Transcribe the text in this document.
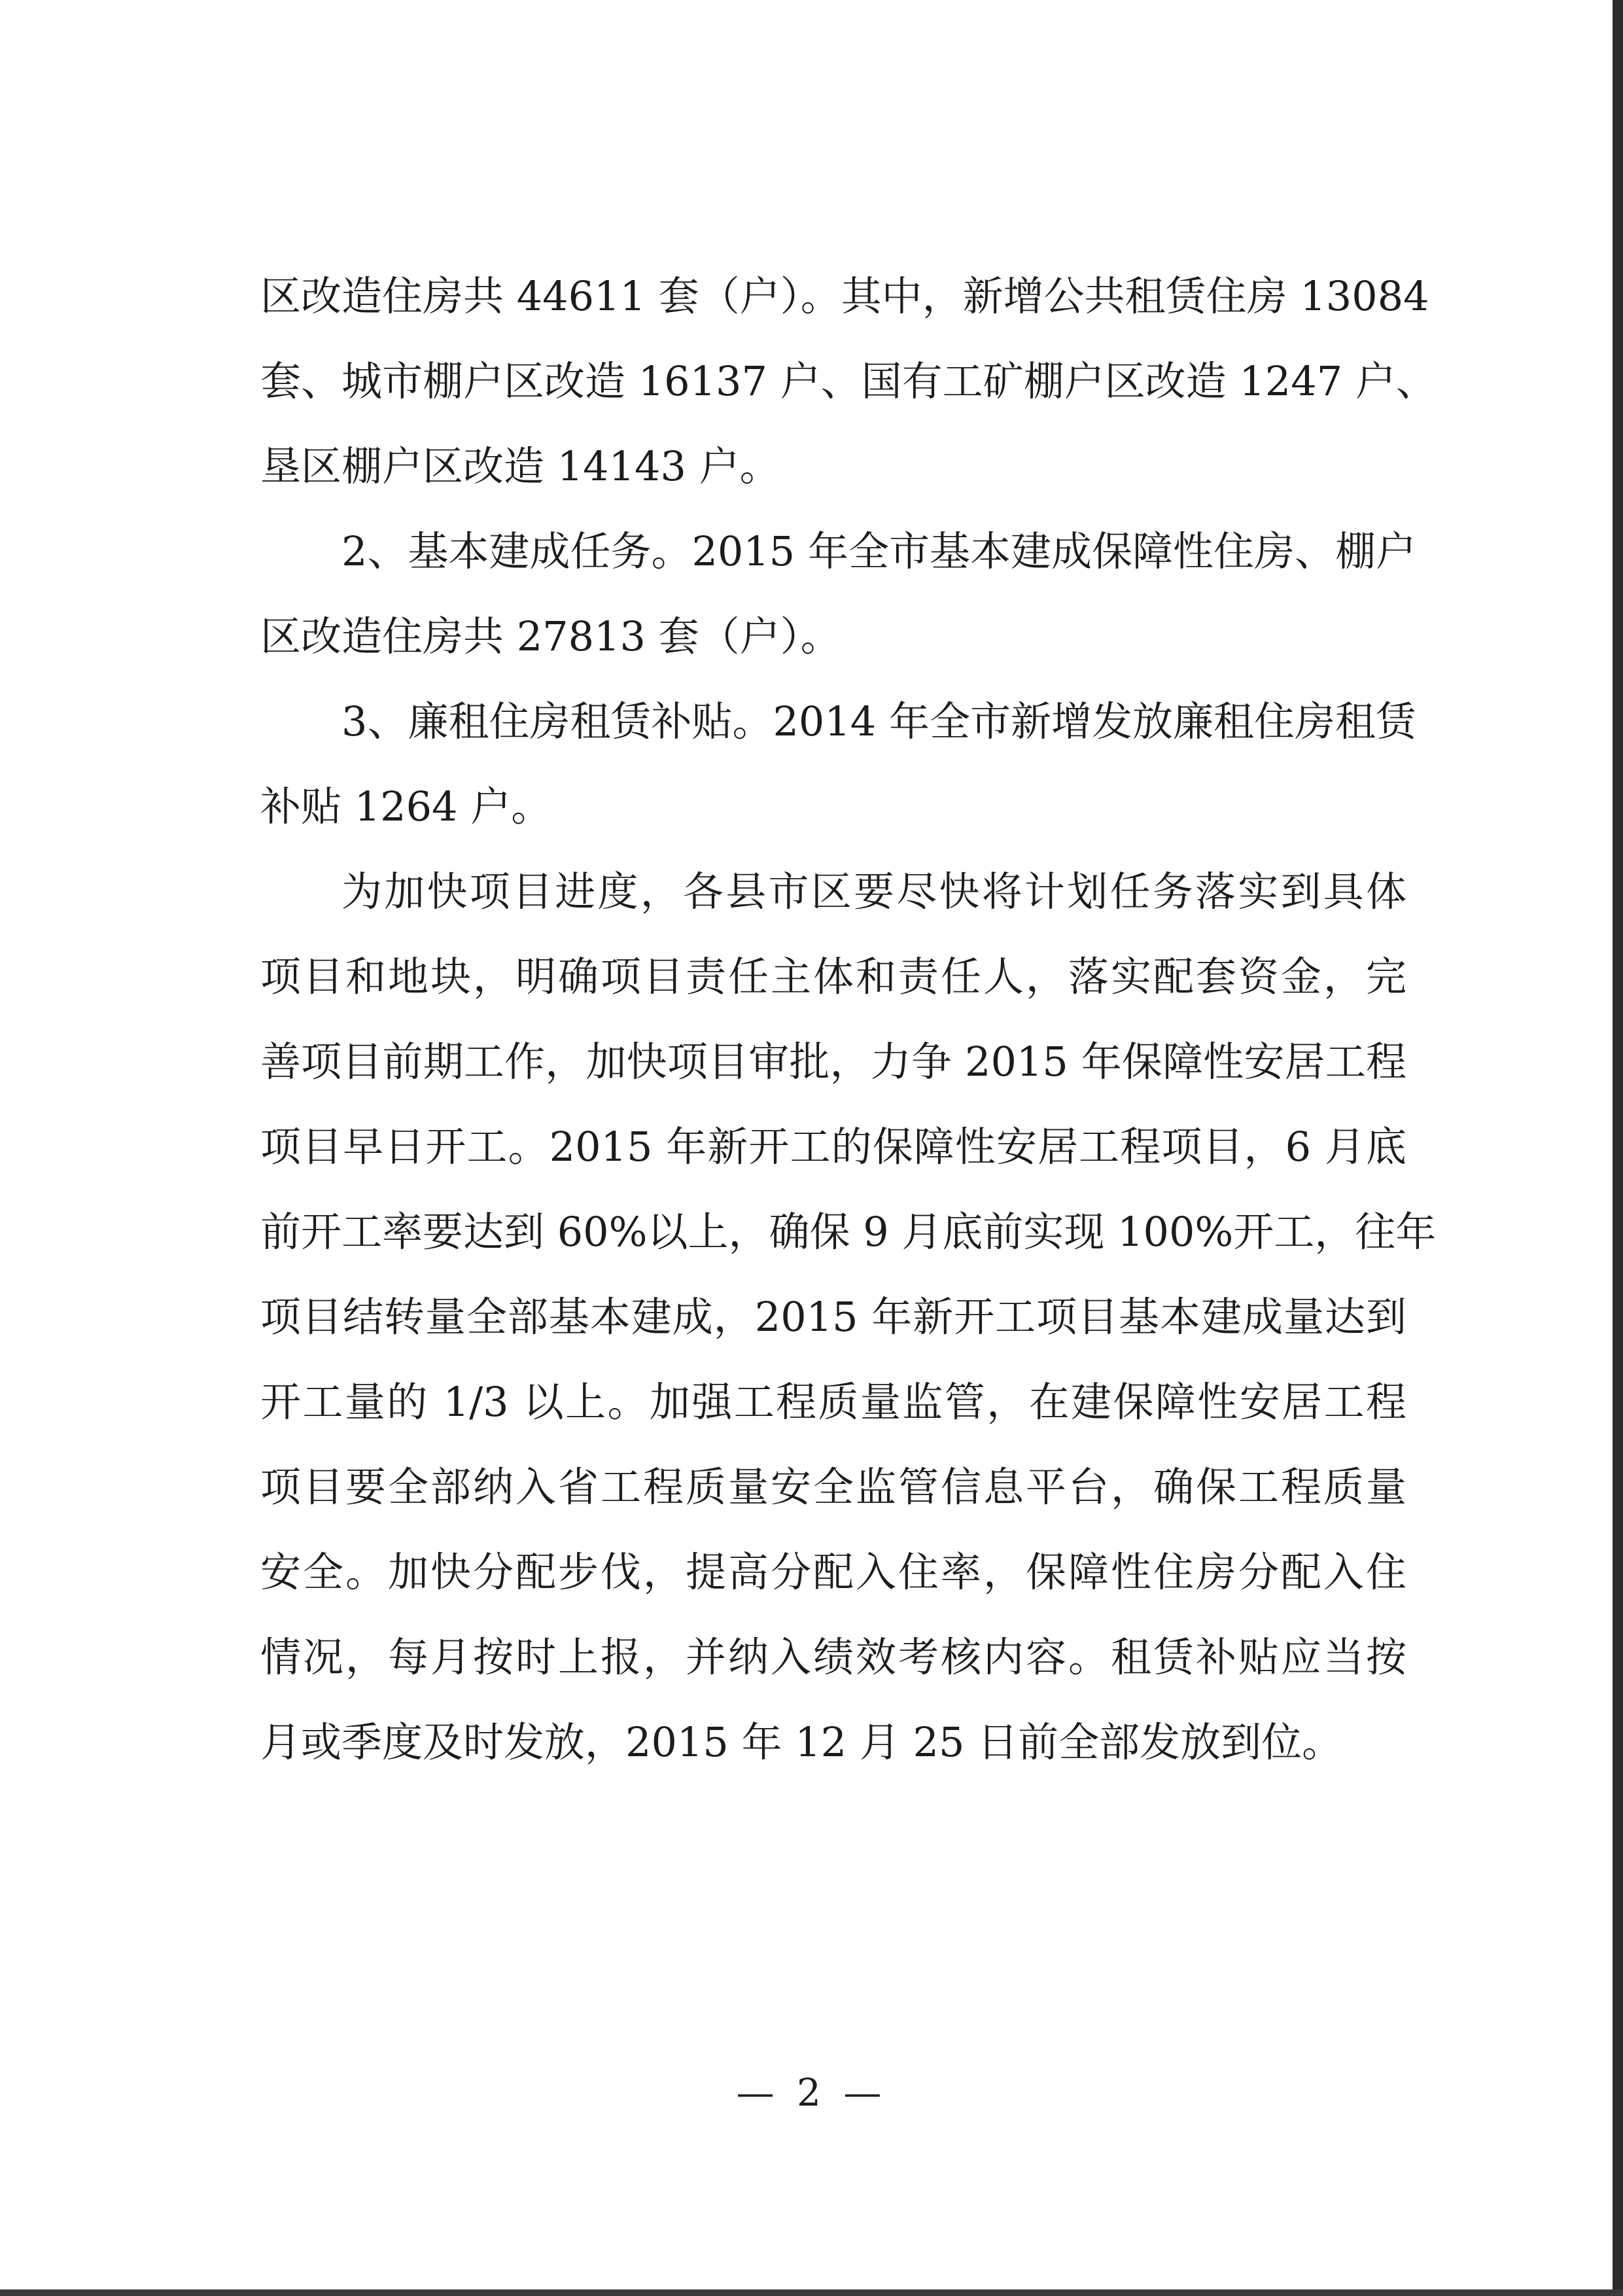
区改造住房共 44611 套（户）。其中，新增公共租赁住房 13084
套、城市棚户区改造 16137 户、国有工矿棚户区改造 1247 户、
垦区棚户区改造 14143 户。
2、基本建成任务。2015 年全市基本建成保障性住房、棚户
区改造住房共 27813 套（户）。
3、廉租住房租赁补贴。2014 年全市新增发放廉租住房租赁
补贴 1264 户。
为加快项目进度，各县市区要尽快将计划任务落实到具体
项目和地块，明确项目责任主体和责任人，落实配套资金，完
善项目前期工作，加快项目审批，力争 2015 年保障性安居工程
项目早日开工。2015 年新开工的保障性安居工程项目，6 月底
前开工率要达到 60%以上，确保 9 月底前实现 100%开工，往年
项目结转量全部基本建成，2015 年新开工项目基本建成量达到
开工量的 1/3 以上。加强工程质量监管，在建保障性安居工程
项目要全部纳入省工程质量安全监管信息平台，确保工程质量
安全。加快分配步伐，提高分配入住率，保障性住房分配入住
情况，每月按时上报，并纳入绩效考核内容。租赁补贴应当按
月或季度及时发放，2015 年 12 月 25 日前全部发放到位。
— 2 —
